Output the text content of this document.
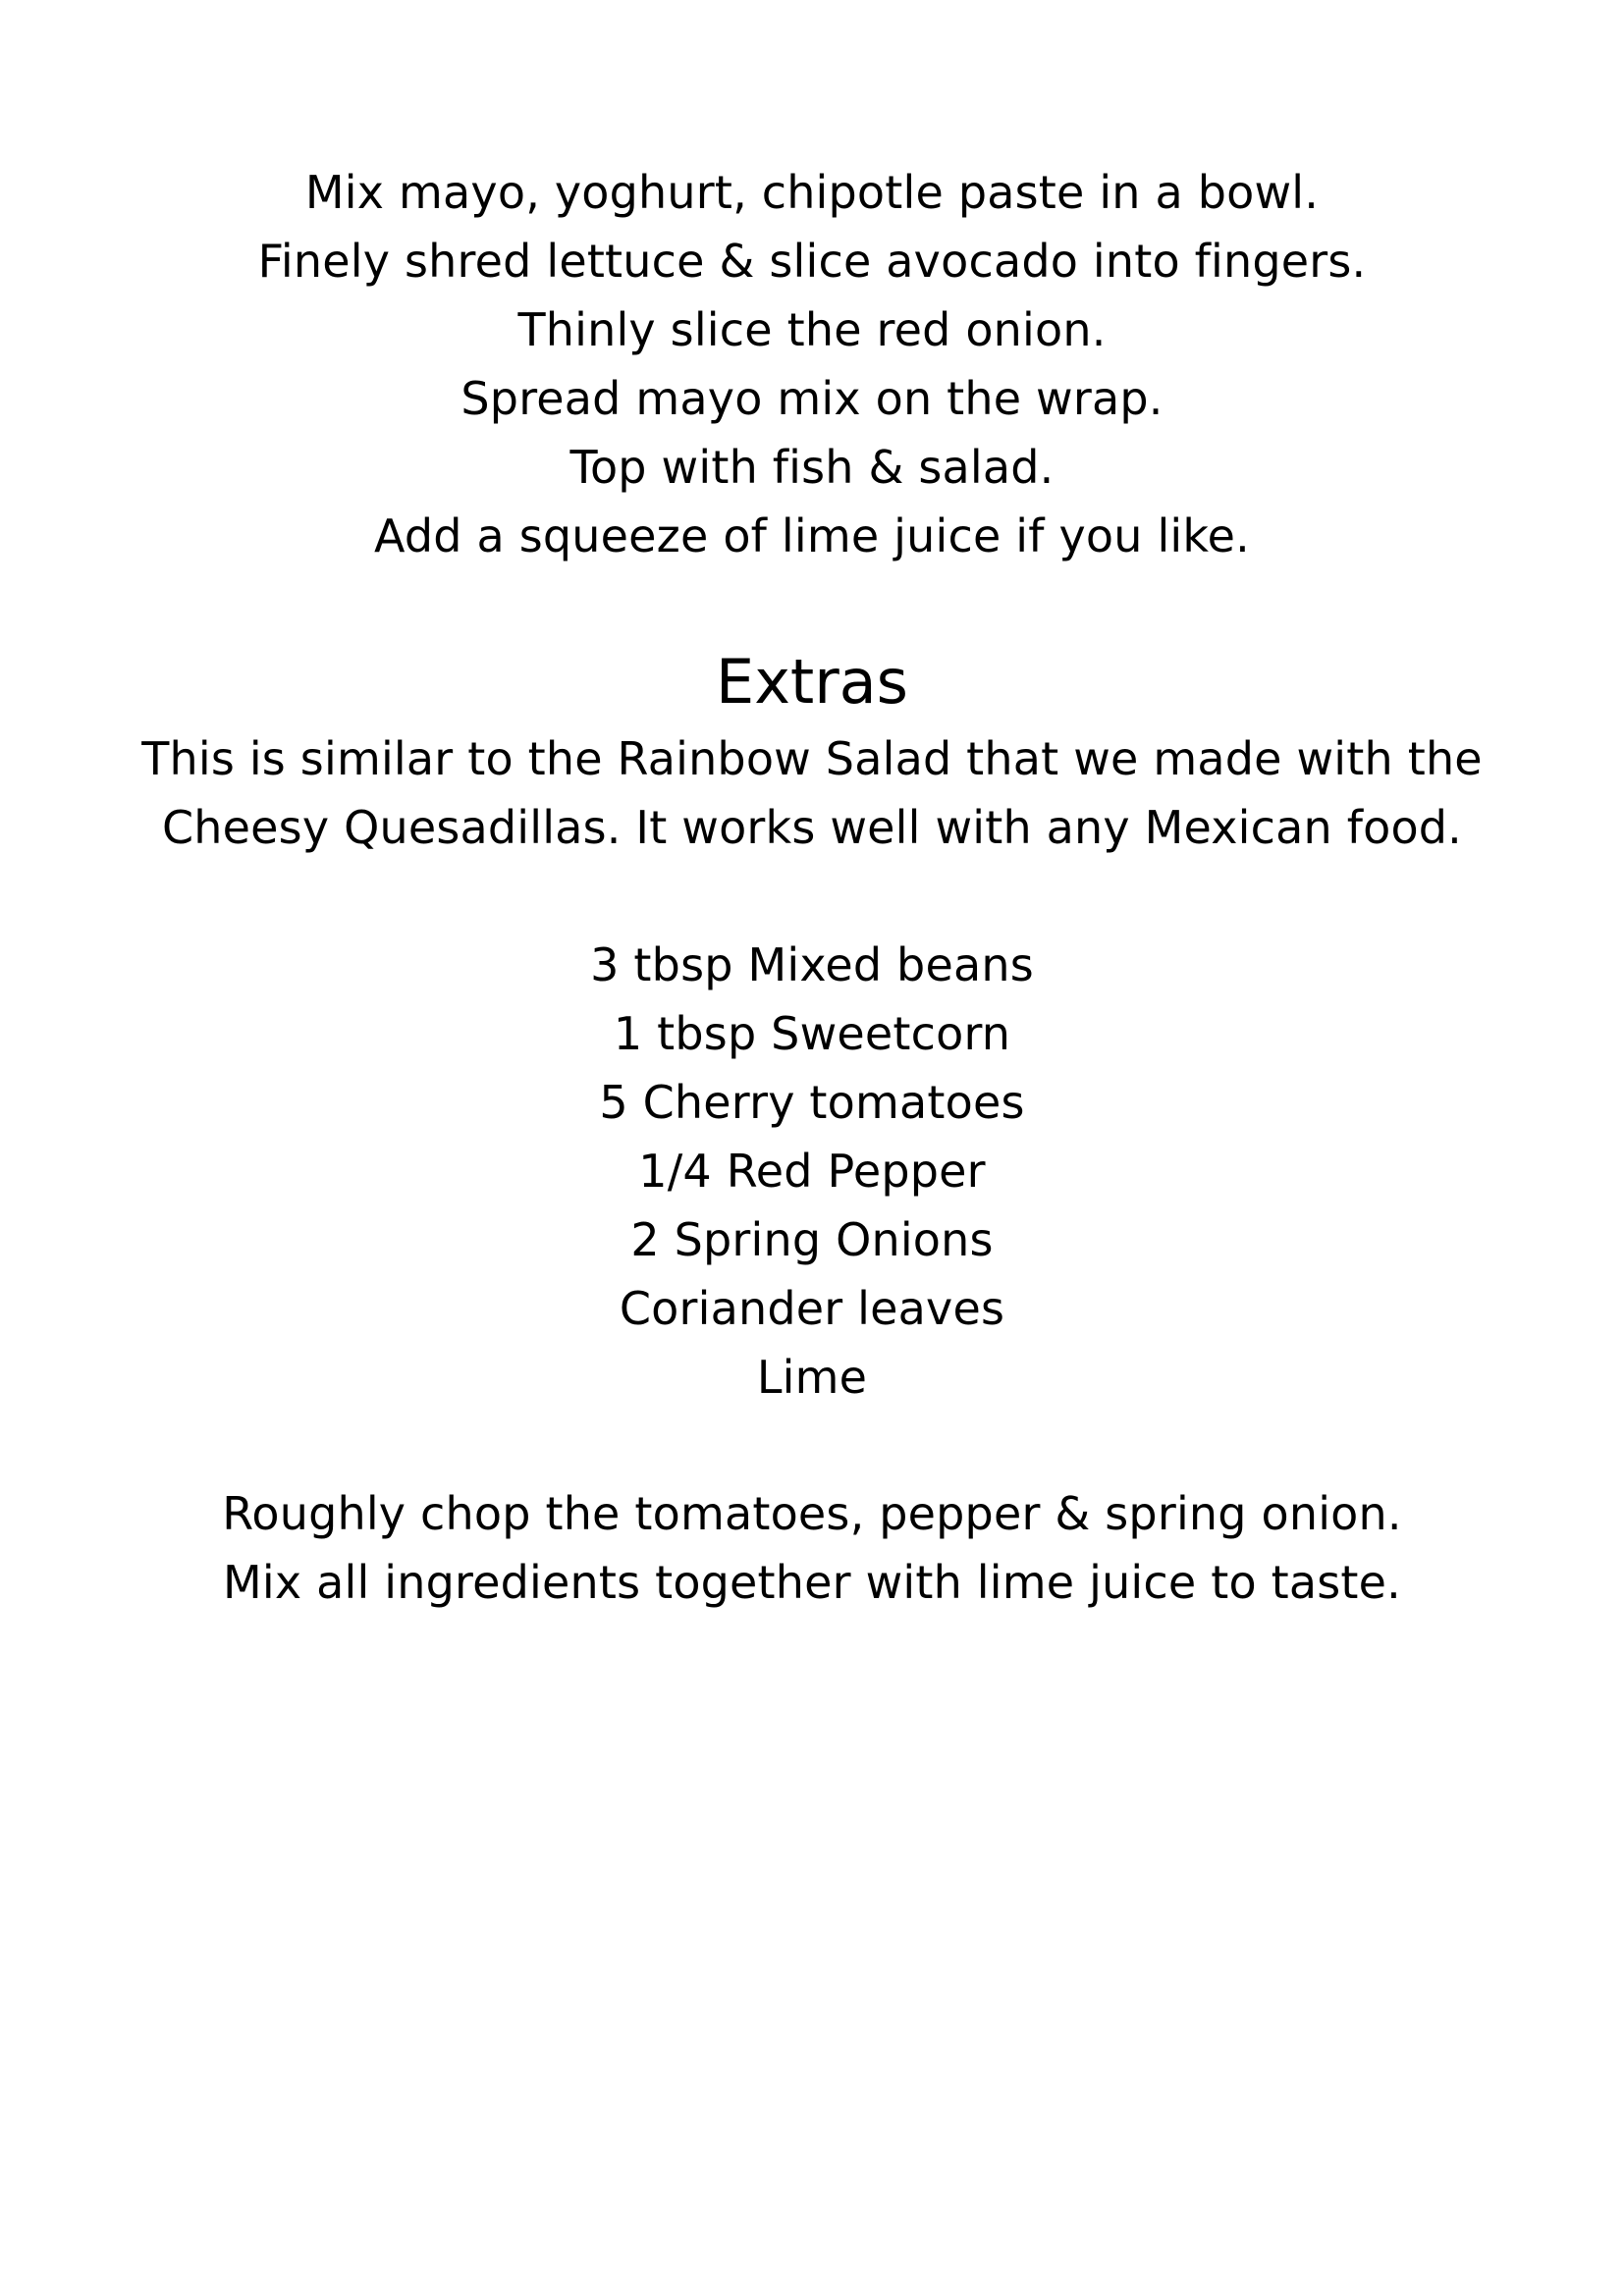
Mix mayo, yoghurt, chipotle paste in a bowl.
Finely shred lettuce & slice avocado into fingers.
Thinly slice the red onion.
Spread mayo mix on the wrap.
Top with fish & salad.
Add a squeeze of lime juice if you like.
Extras
This is similar to the Rainbow Salad that we made with the
Cheesy Quesadillas. It works well with any Mexican food.
3 tbsp Mixed beans
1 tbsp Sweetcorn
5 Cherry tomatoes
1/4 Red Pepper
2 Spring Onions
Coriander leaves
Lime
Roughly chop the tomatoes, pepper & spring onion.
Mix all ingredients together with lime juice to taste.
